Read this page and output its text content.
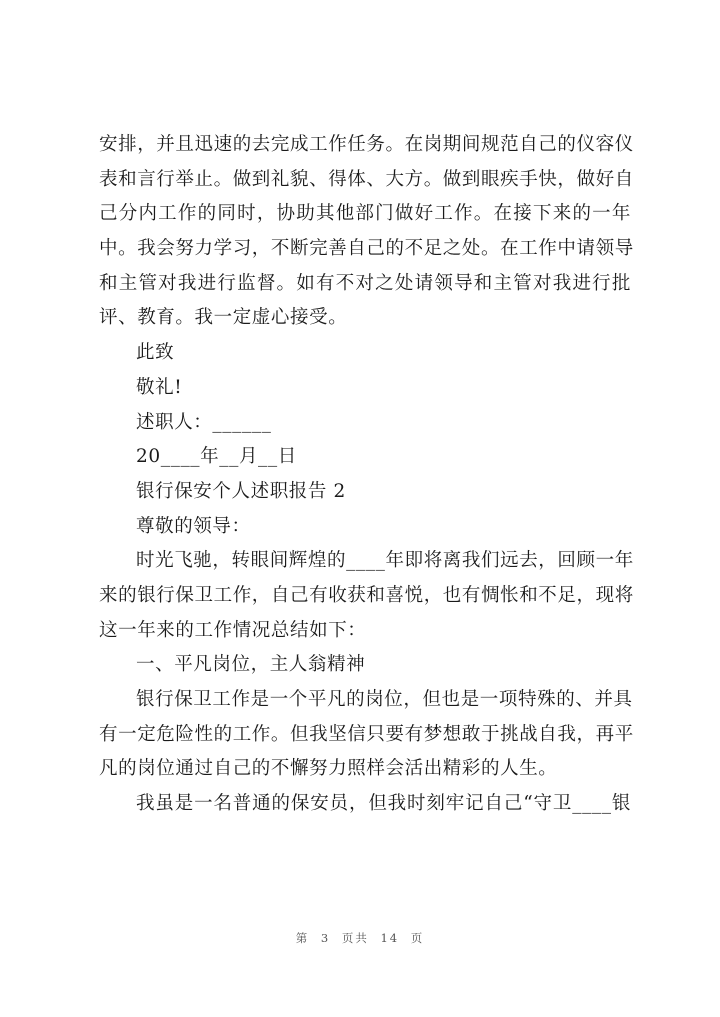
安排，并且迅速的去完成工作任务。在岗期间规范自己的仪容仪
表和言行举止。做到礼貌、得体、大方。做到眼疾手快，做好自
己分内工作的同时，协助其他部门做好工作。在接下来的一年
中。我会努力学习，不断完善自己的不足之处。在工作中请领导
和主管对我进行监督。如有不对之处请领导和主管对我进行批
评、教育。我一定虚心接受。
此致
敬礼!
述职人：______
20____年__月__日
银行保安个人述职报告 2
尊敬的领导：
时光飞驰，转眼间辉煌的____年即将离我们远去，回顾一年
来的银行保卫工作，自己有收获和喜悦，也有惆怅和不足，现将
这一年来的工作情况总结如下：
一、平凡岗位，主人翁精神
银行保卫工作是一个平凡的岗位，但也是一项特殊的、并具
有一定危险性的工作。但我坚信只要有梦想敢于挑战自我，再平
凡的岗位通过自己的不懈努力照样会活出精彩的人生。
我虽是一名普通的保安员，但我时刻牢记自己“守卫____银
第 3 页共 14 页
